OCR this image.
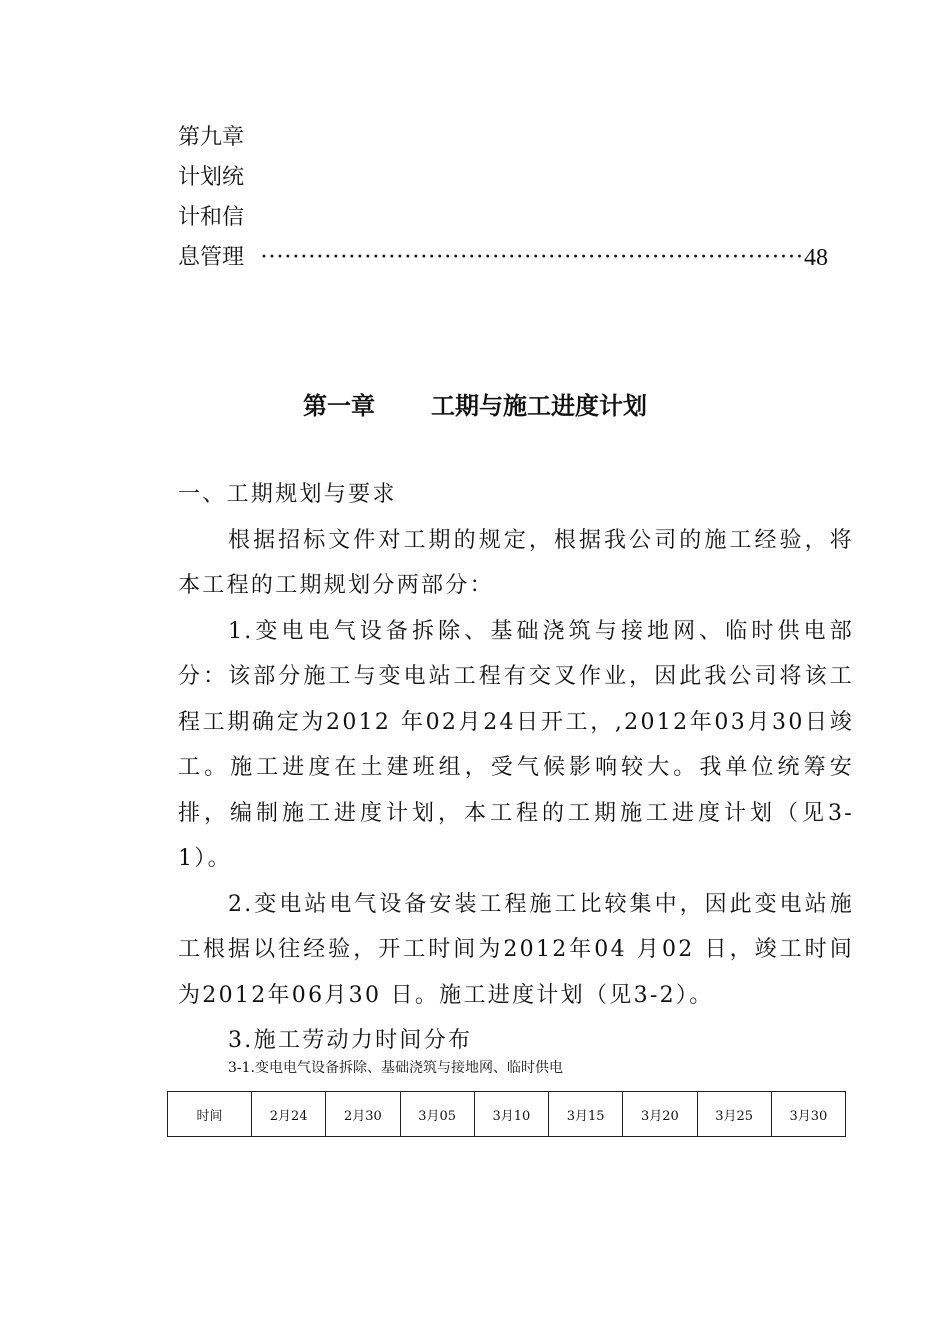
第九章 计划统计和信息管理 ···································································· 48
第一章 工期与施工进度计划

一、工期规划与要求

根据招标文件对工期的规定，根据我公司的施工经验，将本工程的工期规划分两部分：

1.变电电气设备拆除、基础浇筑与接地网、临时供电部分：该部分施工与变电站工程有交叉作业，因此我公司将该工程工期确定为2012 年02月24日开工，,2012年03月30日竣工。施工进度在土建班组，受气候影响较大。我单位统筹安排，编制施工进度计划，本工程的工期施工进度计划（见3-1）。

2.变电站电气设备安装工程施工比较集中，因此变电站施工根据以往经验，开工时间为2012年04 月02 日，竣工时间为2012年06月30 日。施工进度计划（见3-2）。

3.施工劳动力时间分布

3-1.变电电气设备拆除、基础浇筑与接地网、临时供电
时间	2月24	2月30	3月05	3月10	3月15	3月20	3月25	3月30
